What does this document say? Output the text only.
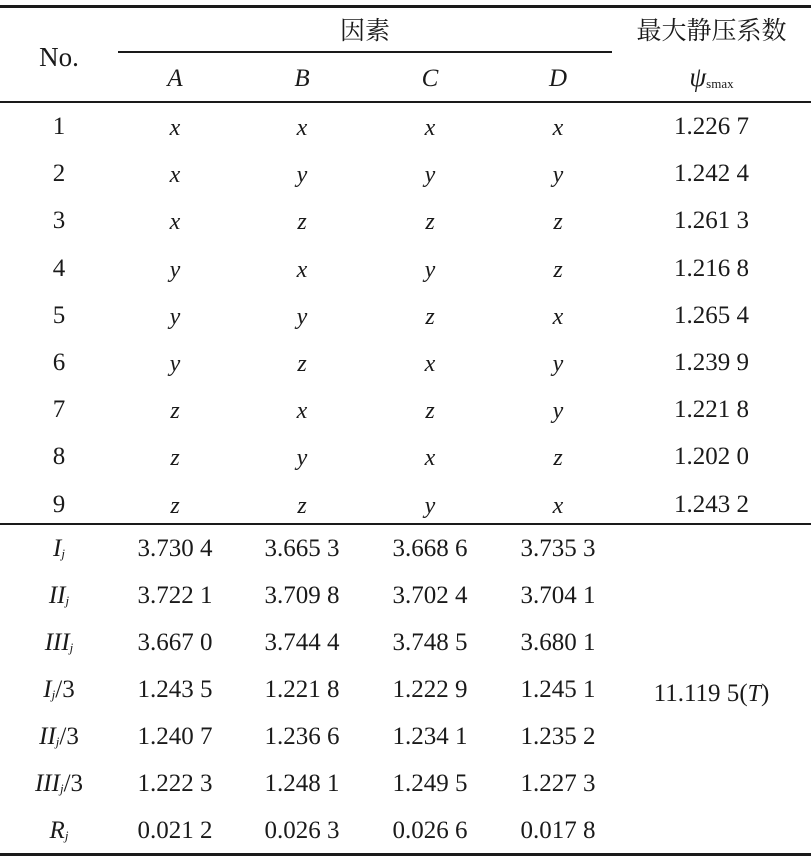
No.
因素	最大静压系数
A	B	C	D	$\psi_{smax}$
1	x	x	x	x	1.226 7
2	x	y	y	y	1.242 4
3	x	z	z	z	1.261 3
4	y	x	y	z	1.216 8
5	y	y	z	x	1.265 4
6	y	z	x	y	1.239 9
7	z	x	z	y	1.221 8
8	z	y	x	z	1.202 0
9	z	z	y	x	1.243 2
$I_j$	3.730 4	3.665 3	3.668 6	3.735 3
$II_j$	3.722 1	3.709 8	3.702 4	3.704 1
$III_j$	3.667 0	3.744 4	3.748 5	3.680 1
$I_j/3$	1.243 5	1.221 8	1.222 9	1.245 1
$II_j/3$	1.240 7	1.236 6	1.234 1	1.235 2
$III_j/3$	1.222 3	1.248 1	1.249 5	1.227 3
$R_j$	0.021 2	0.026 3	0.026 6	0.017 8
11.119 5(T)
